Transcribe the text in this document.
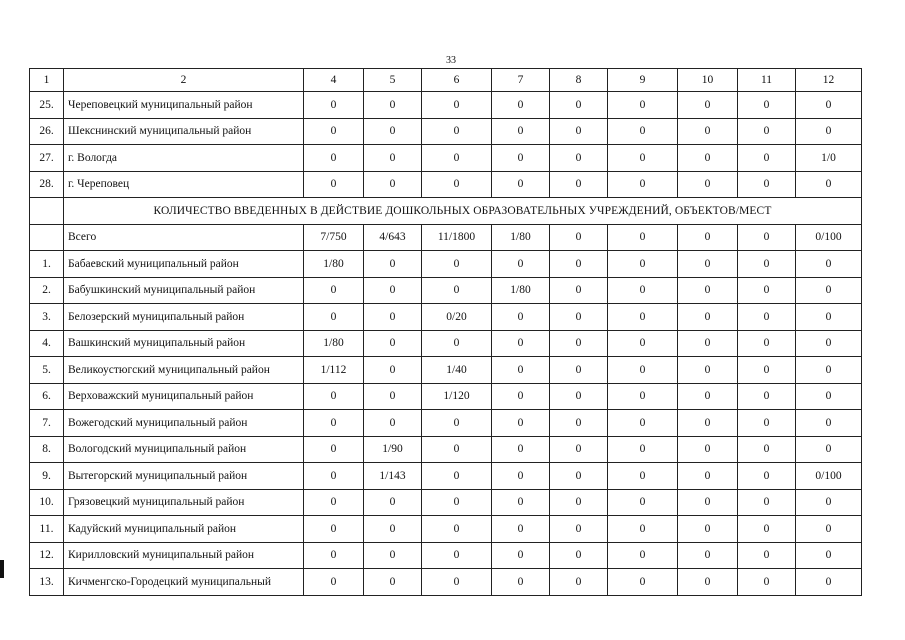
33
1	2	4	5	6	7	8	9	10	11	12
25.	Череповецкий муниципальный район	0	0	0	0	0	0	0	0	0
26.	Шекснинский муниципальный район	0	0	0	0	0	0	0	0	0
27.	г. Вологда	0	0	0	0	0	0	0	0	1/0
28.	г. Череповец	0	0	0	0	0	0	0	0	0
	КОЛИЧЕСТВО ВВЕДЕННЫХ В ДЕЙСТВИЕ ДОШКОЛЬНЫХ ОБРАЗОВАТЕЛЬНЫХ УЧРЕЖДЕНИЙ, ОБЪЕКТОВ/МЕСТ									
	Всего	7/750	4/643	11/1800	1/80	0	0	0	0	0/100
1.	Бабаевский муниципальный район	1/80	0	0	0	0	0	0	0	0
2.	Бабушкинский муниципальный район	0	0	0	1/80	0	0	0	0	0
3.	Белозерский муниципальный район	0	0	0/20	0	0	0	0	0	0
4.	Вашкинский муниципальный район	1/80	0	0	0	0	0	0	0	0
5.	Великоустюгский муниципальный район	1/112	0	1/40	0	0	0	0	0	0
6.	Верховажский муниципальный район	0	0	1/120	0	0	0	0	0	0
7.	Вожегодский муниципальный район	0	0	0	0	0	0	0	0	0
8.	Вологодский муниципальный район	0	1/90	0	0	0	0	0	0	0
9.	Вытегорский муниципальный район	0	1/143	0	0	0	0	0	0	0/100
10.	Грязовецкий муниципальный район	0	0	0	0	0	0	0	0	0
11.	Кадуйский муниципальный район	0	0	0	0	0	0	0	0	0
12.	Кирилловский муниципальный район	0	0	0	0	0	0	0	0	0
13.	Кичменгско-Городецкий муниципальный	0	0	0	0	0	0	0	0	0
